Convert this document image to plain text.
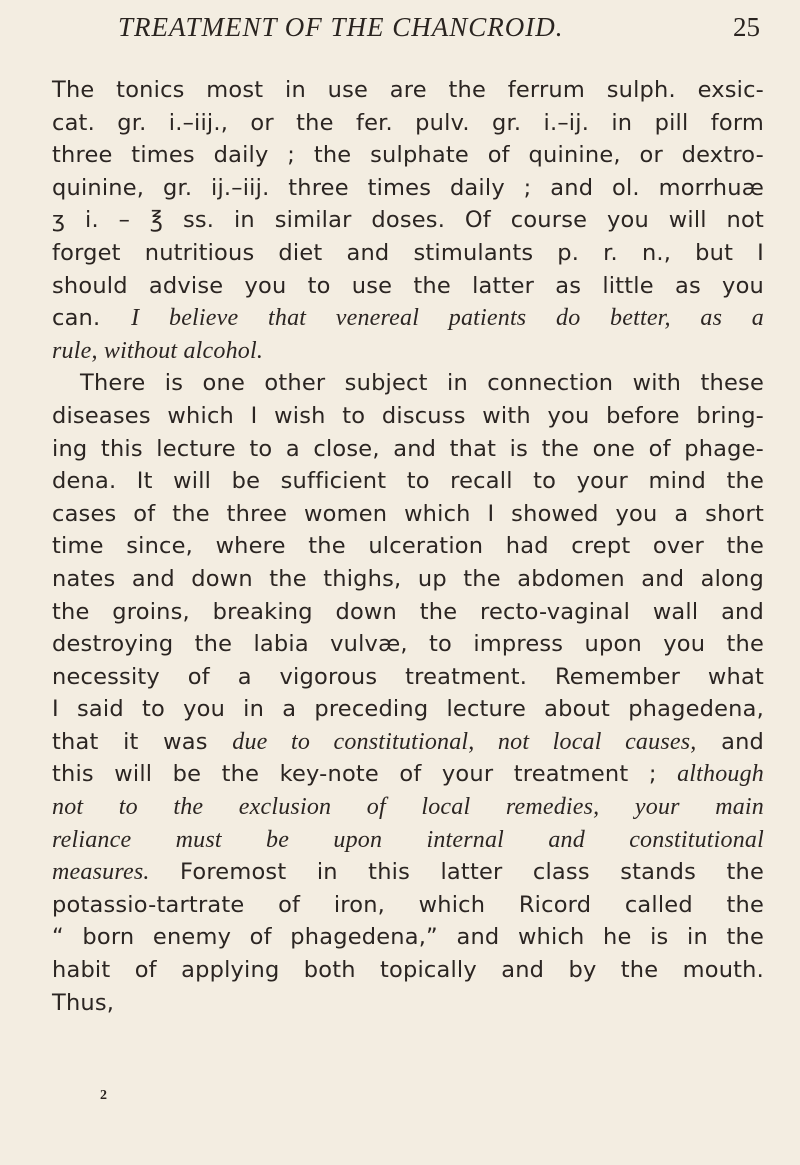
TREATMENT OF THE CHANCROID.	25
The tonics most in use are the ferrum sulph. exsic-
cat. gr. i.–iij., or the fer. pulv. gr. i.–ij. in pill form
three times daily ; the sulphate of quinine, or dextro-
quinine, gr. ij.–iij. three times daily ; and ol. morrhuæ
ʒ i. – ℥ ss. in similar doses. Of course you will not
forget nutritious diet and stimulants p. r. n., but I
should advise you to use the latter as little as you
can. I believe that venereal patients do better, as a
rule, without alcohol.
There is one other subject in connection with these
diseases which I wish to discuss with you before bring-
ing this lecture to a close, and that is the one of phage-
dena. It will be sufficient to recall to your mind the
cases of the three women which I showed you a short
time since, where the ulceration had crept over the
nates and down the thighs, up the abdomen and along
the groins, breaking down the recto-vaginal wall and
destroying the labia vulvæ, to impress upon you the
necessity of a vigorous treatment. Remember what
I said to you in a preceding lecture about phagedena,
that it was due to constitutional, not local causes, and
this will be the key-note of your treatment ; although
not to the exclusion of local remedies, your main
reliance must be upon internal and constitutional
measures. Foremost in this latter class stands the
potassio-tartrate of iron, which Ricord called the
“ born enemy of phagedena,” and which he is in the
habit of applying both topically and by the mouth.
Thus,
2
